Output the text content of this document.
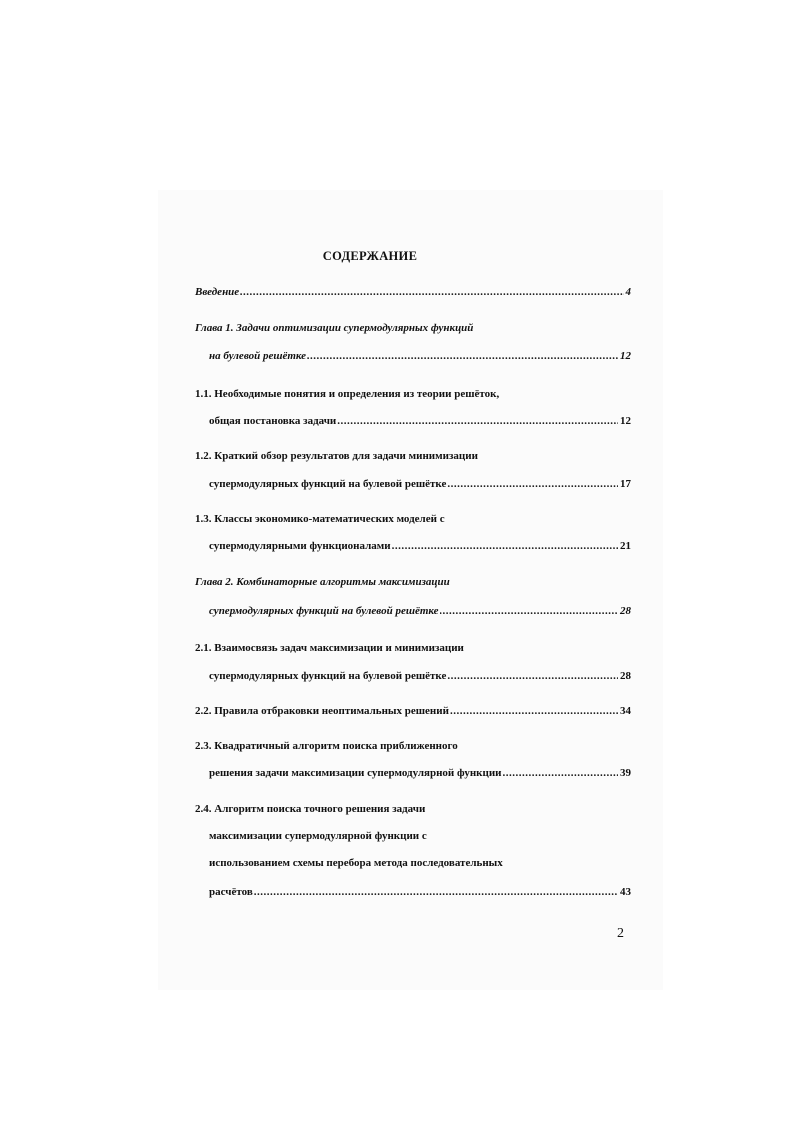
СОДЕРЖАНИЕ
Введение .....	4
Глава 1. Задачи оптимизации супермодулярных функций
на булевой решётке .....	12
1.1. Необходимые понятия и определения из теории решёток,
общая постановка задачи .....	12
1.2. Краткий обзор результатов для задачи минимизации
супермодулярных функций на булевой решётке .....	17
1.3. Классы экономико-математических моделей с
супермодулярными функционалами .....	21
Глава 2. Комбинаторные алгоритмы максимизации
супермодулярных функций на булевой решётке .....	28
2.1. Взаимосвязь задач максимизации и минимизации
супермодулярных функций на булевой решётке .....	28
2.2. Правила отбраковки неоптимальных решений .....	34
2.3. Квадратичный алгоритм поиска приближенного
решения задачи максимизации супермодулярной функции .....	39
2.4. Алгоритм поиска точного решения задачи
максимизации супермодулярной функции с
использованием схемы перебора метода последовательных
расчётов .....	43
2
